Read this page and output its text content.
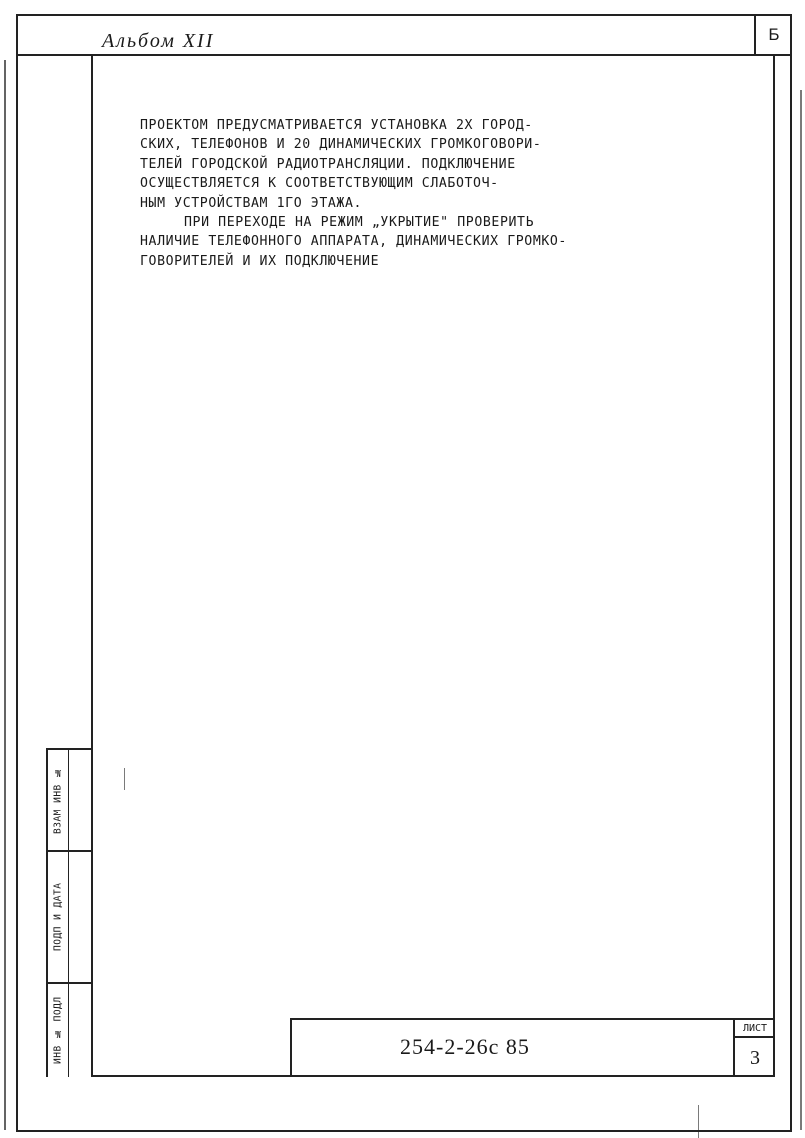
Б
Альбом XII
ПРОЕКТОМ ПРЕДУСМАТРИВАЕТСЯ УСТАНОВКА 2Х ГОРОД-
СКИХ, ТЕЛЕФОНОВ И 20 ДИНАМИЧЕСКИХ ГРОМКОГОВОРИ-
ТЕЛЕЙ ГОРОДСКОЙ РАДИОТРАНСЛЯЦИИ. ПОДКЛЮЧЕНИЕ
ОСУЩЕСТВЛЯЕТСЯ К СООТВЕТСТВУЮЩИМ СЛАБОТОЧ-
НЫМ УСТРОЙСТВАМ 1ГО ЭТАЖА.
ПРИ ПЕРЕХОДЕ НА РЕЖИМ „УКРЫТИЕ" ПРОВЕРИТЬ
НАЛИЧИЕ ТЕЛЕФОННОГО АППАРАТА, ДИНАМИЧЕСКИХ ГРОМКО-
ГОВОРИТЕЛЕЙ И ИХ ПОДКЛЮЧЕНИЕ
ВЗАМ ИНВ №
ПОДП И ДАТА
ИНВ № ПОДЛ	254-2-26с 85
ЛИСТ
3
